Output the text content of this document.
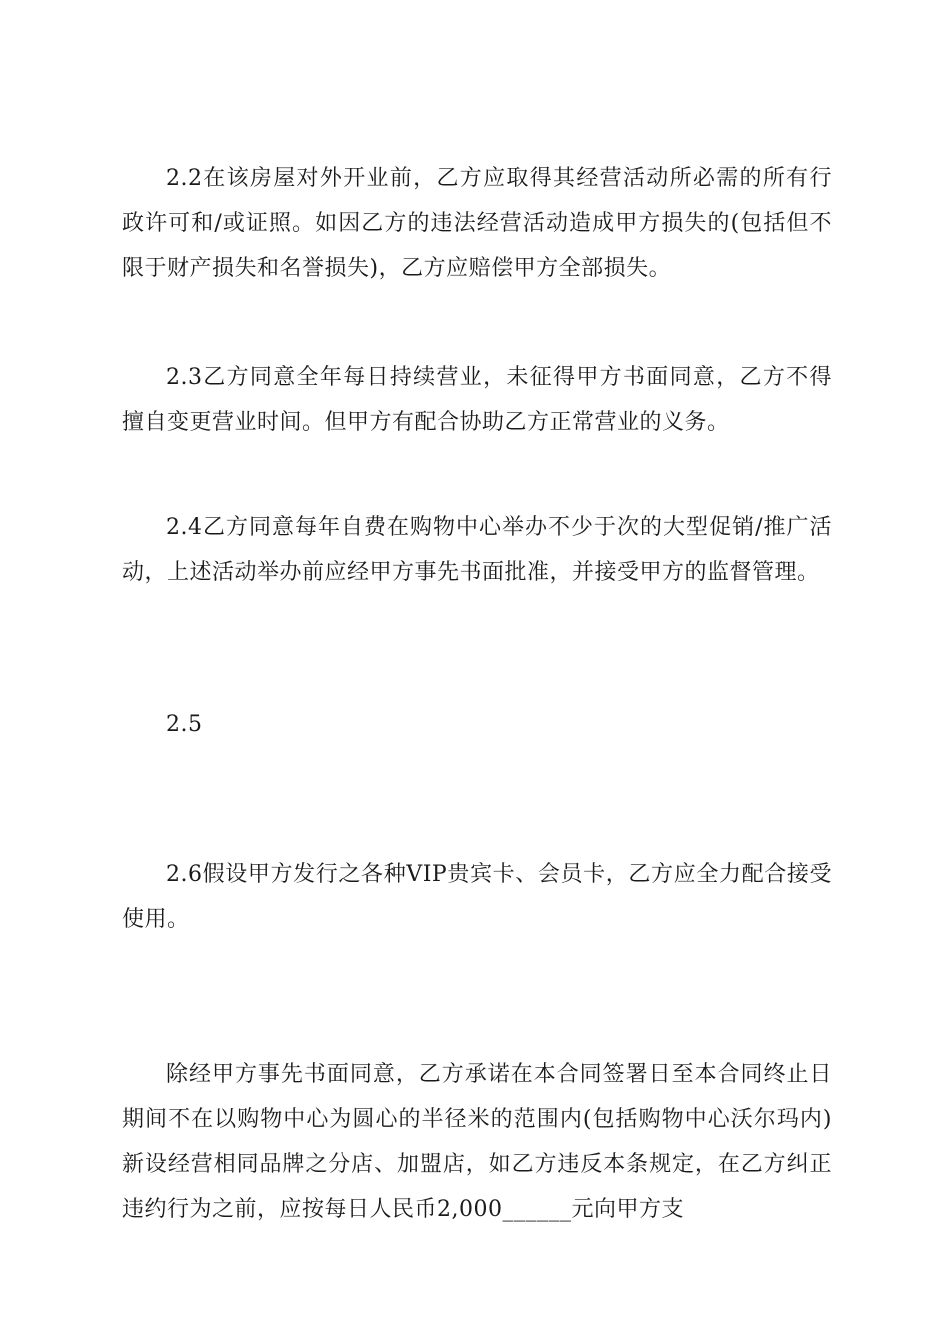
2.2在该房屋对外开业前，乙方应取得其经营活动所必需的所有行政许可和/或证照。如因乙方的违法经营活动造成甲方损失的(包括但不限于财产损失和名誉损失)，乙方应赔偿甲方全部损失。

2.3乙方同意全年每日持续营业，未征得甲方书面同意，乙方不得擅自变更营业时间。但甲方有配合协助乙方正常营业的义务。

2.4乙方同意每年自费在购物中心举办不少于次的大型促销/推广活动，上述活动举办前应经甲方事先书面批准，并接受甲方的监督管理。

2.5

2.6假设甲方发行之各种VIP贵宾卡、会员卡，乙方应全力配合接受使用。

除经甲方事先书面同意，乙方承诺在本合同签署日至本合同终止日期间不在以购物中心为圆心的半径米的范围内(包括购物中心沃尔玛内)新设经营相同品牌之分店、加盟店，如乙方违反本条规定，在乙方纠正违约行为之前，应按每日人民币2,000______元向甲方支
